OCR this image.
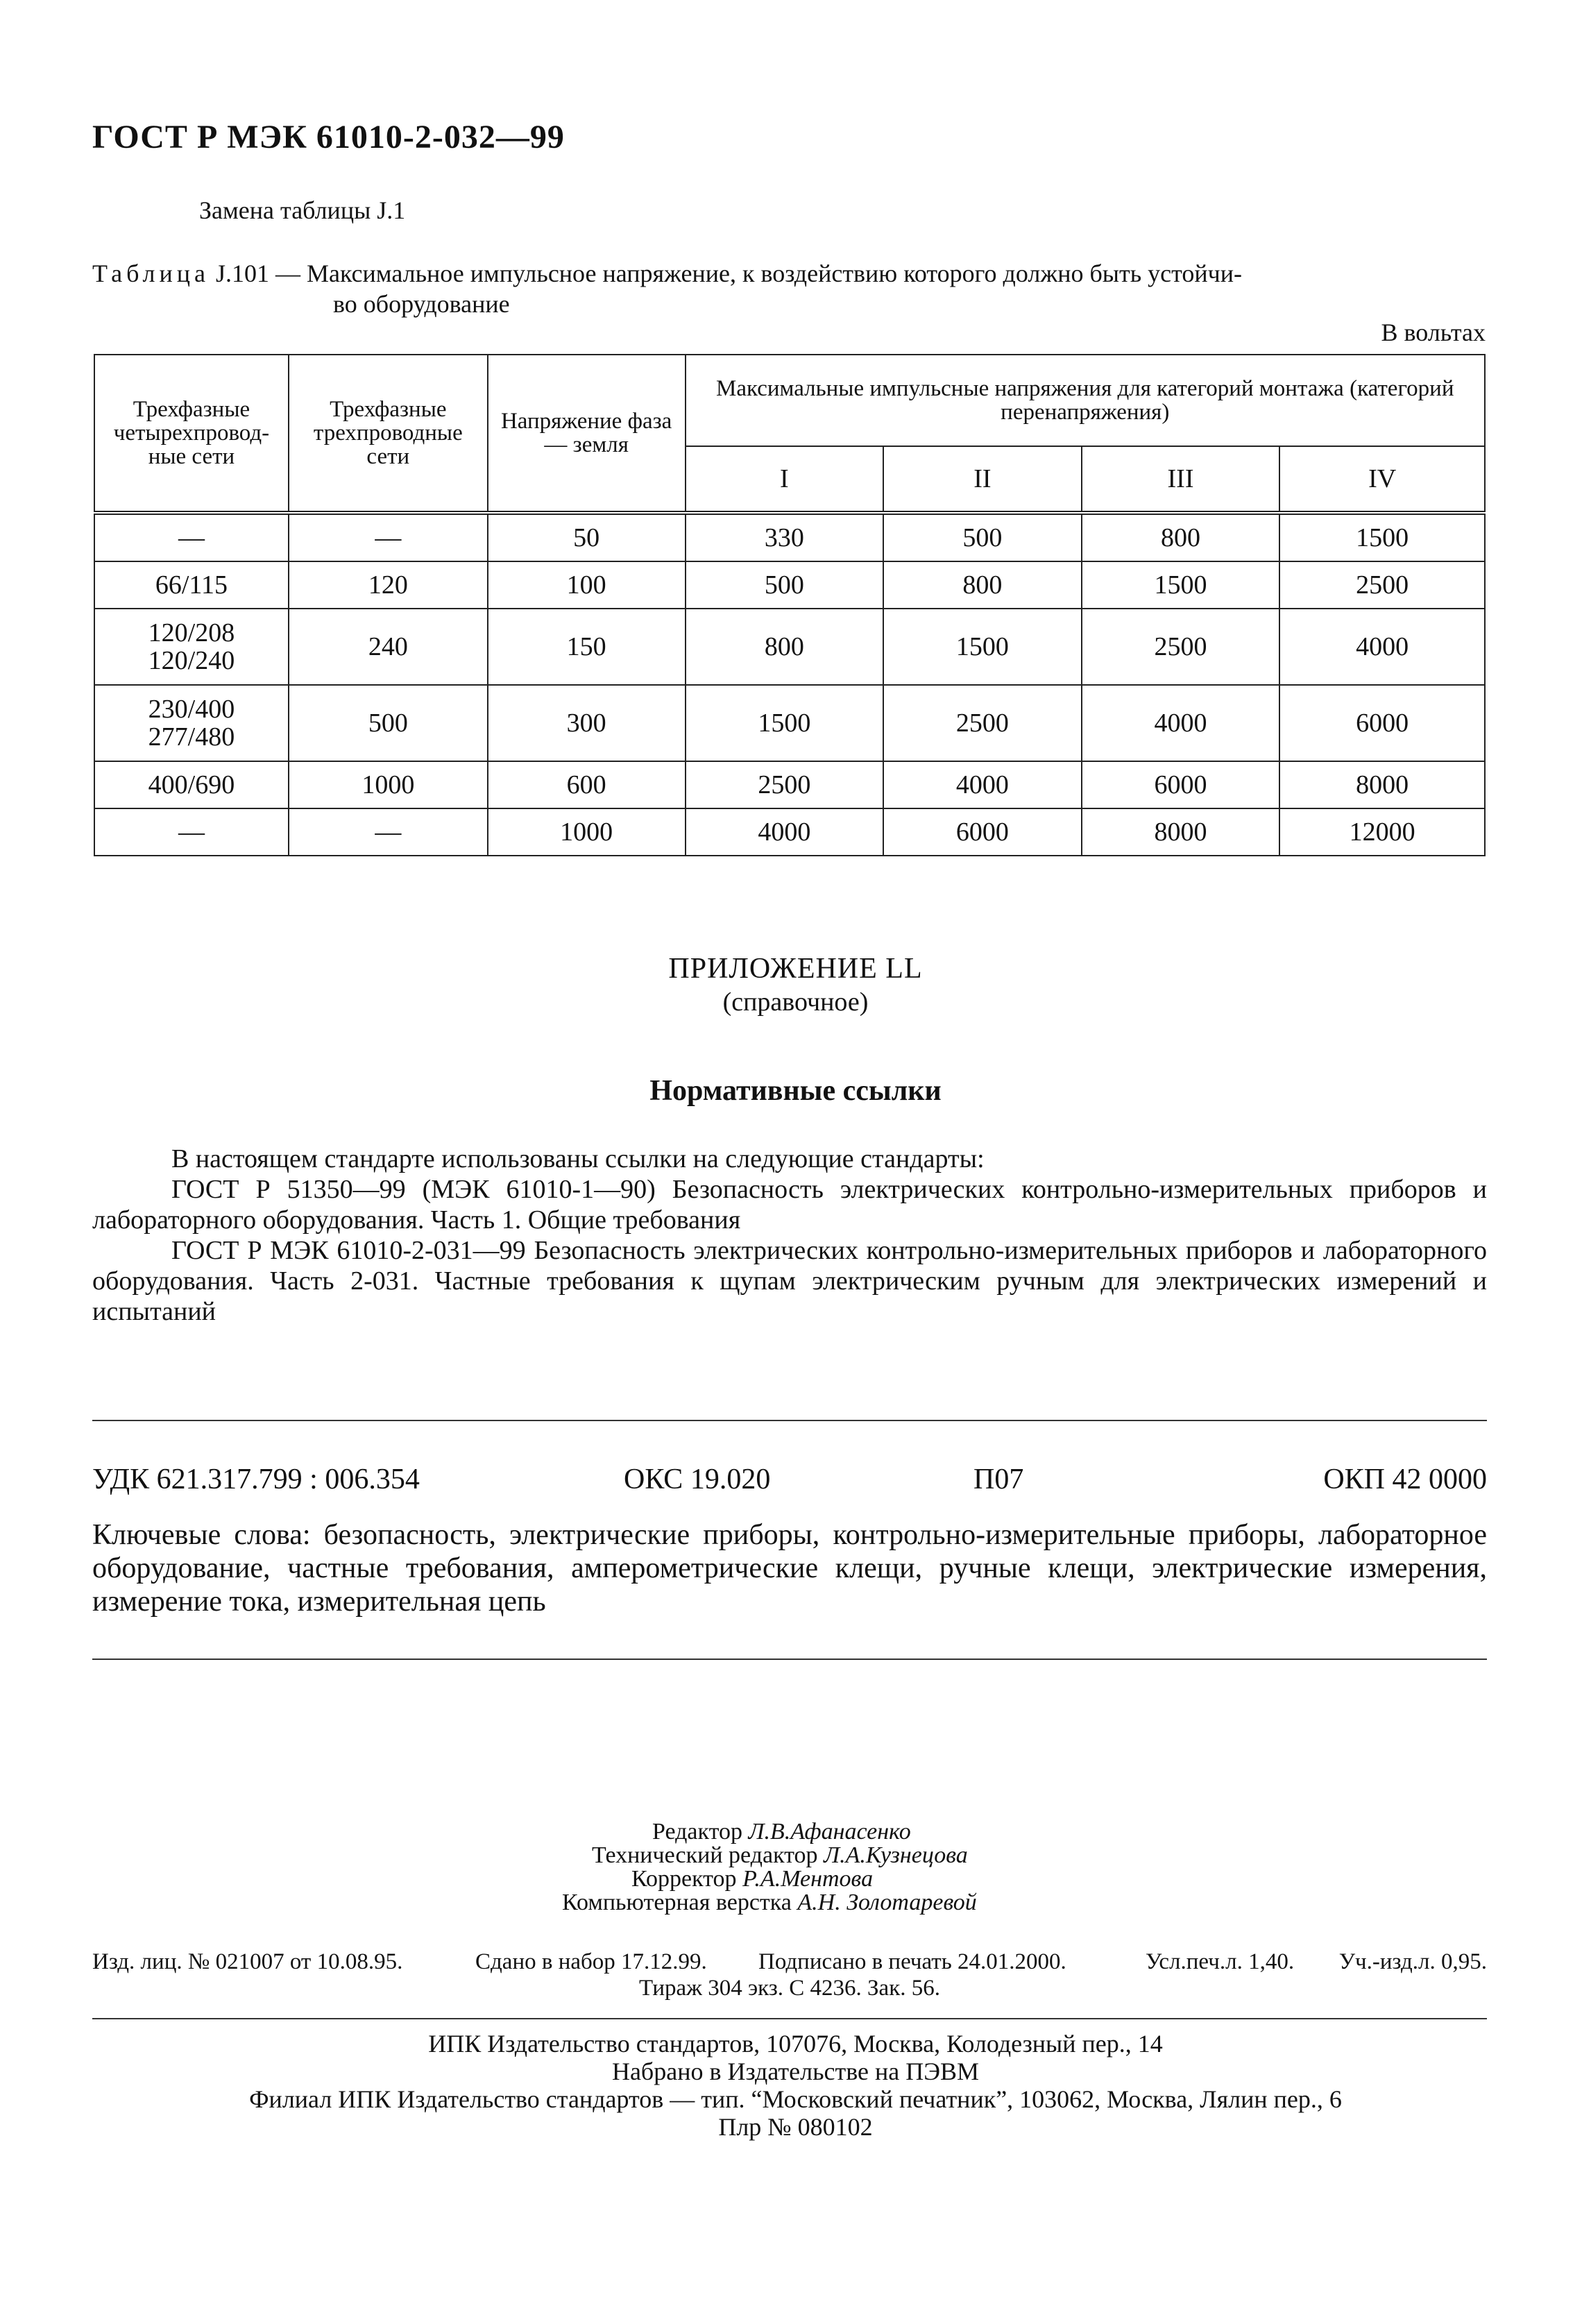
ГОСТ Р МЭК 61010-2-032—99
Замена таблицы J.1
Таблица J.101 — Максимальное импульсное напряжение, к воздействию которого должно быть устойчи-
во оборудование
В вольтах
Трехфазные четырехпровод-ные сети	Трехфазные трехпроводные сети	Напряжение фаза — земля	Максимальные импульсные напряжения для категорий монтажа (категорий перенапряжения)			
			I	II	III	IV
—	—	50	330	500	800	1500
66/115	120	100	500	800	1500	2500
120/208
120/240	240	150	800	1500	2500	4000
230/400
277/480	500	300	1500	2500	4000	6000
400/690	1000	600	2500	4000	6000	8000
—	—	1000	4000	6000	8000	12000
ПРИЛОЖЕНИЕ LL
(справочное)
Нормативные ссылки
В настоящем стандарте использованы ссылки на следующие стандарты:
ГОСТ Р 51350—99 (МЭК 61010-1—90) Безопасность электрических контрольно-измерительных приборов и лабораторного оборудования. Часть 1. Общие требования
ГОСТ Р МЭК 61010-2-031—99 Безопасность электрических контрольно-измерительных приборов и лабораторного оборудования. Часть 2-031. Частные требования к щупам электрическим ручным для электрических измерений и испытаний
УДК 621.317.799 : 006.354	ОКС 19.020	П07	ОКП 42 0000
Ключевые слова: безопасность, электрические приборы, контрольно-измерительные приборы, лабораторное оборудование, частные требования, амперометрические клещи, ручные клещи, электрические измерения, измерение тока, измерительная цепь
Редактор Л.В.Афанасенко
Технический редактор Л.А.Кузнецова
Корректор Р.А.Ментова
Компьютерная верстка А.Н. Золотаревой
Изд. лиц. № 021007 от 10.08.95.	Сдано в набор 17.12.99. Подписано в печать 24.01.2000.	Усл.печ.л. 1,40. Уч.-изд.л. 0,95.
Тираж 304 экз. С 4236. Зак. 56.
ИПК Издательство стандартов, 107076, Москва, Колодезный пер., 14
Набрано в Издательстве на ПЭВМ
Филиал ИПК Издательство стандартов — тип. “Московский печатник”, 103062, Москва, Лялин пер., 6
Плр № 080102
